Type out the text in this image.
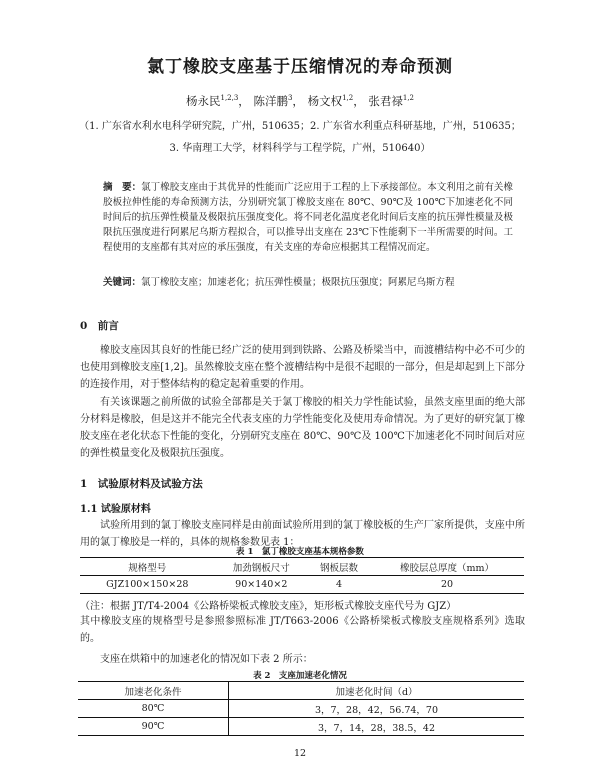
氯丁橡胶支座基于压缩情况的寿命预测
杨永民$^{1,2,3}$， 陈洋鹏$^3$， 杨文权$^{1,2}$， 张君禄$^{1,2}$
（1. 广东省水利水电科学研究院，广州，510635；2. 广东省水利重点科研基地，广州，510635；
3. 华南理工大学，材料科学与工程学院，广州，510640）
摘　要：氯丁橡胶支座由于其优异的性能而广泛应用于工程的上下承接部位。本文利用之前有关橡胶板拉伸性能的寿命预测方法，分别研究氯丁橡胶支座在 80℃、90℃及 100℃下加速老化不同时间后的抗压弹性模量及极限抗压强度变化。将不同老化温度老化时间后支座的抗压弹性模量及极限抗压强度进行阿累尼乌斯方程拟合，可以推导出支座在 23℃下性能剩下一半所需要的时间。工程使用的支座都有其对应的承压强度，有关支座的寿命应根据其工程情况而定。
关键词：氯丁橡胶支座；加速老化；抗压弹性模量；极限抗压强度；阿累尼乌斯方程
0　前言
橡胶支座因其良好的性能已经广泛的使用到到铁路、公路及桥梁当中，而渡槽结构中必不可少的也使用到橡胶支座[1,2]。虽然橡胶支座在整个渡槽结构中是很不起眼的一部分，但是却起到上下部分的连接作用，对于整体结构的稳定起着重要的作用。
有关该课题之前所做的试验全部都是关于氯丁橡胶的相关力学性能试验，虽然支座里面的绝大部分材料是橡胶，但是这并不能完全代表支座的力学性能变化及使用寿命情况。为了更好的研究氯丁橡胶支座在老化状态下性能的变化，分别研究支座在 80℃、90℃及 100℃下加速老化不同时间后对应的弹性模量变化及极限抗压强度。
1　试验原材料及试验方法
1.1 试验原材料
试验所用到的氯丁橡胶支座同样是由前面试验所用到的氯丁橡胶板的生产厂家所提供，支座中所用的氯丁橡胶是一样的，具体的规格参数见表 1：
表 1　氯丁橡胶支座基本规格参数
规格型号	加劲钢板尺寸	钢板层数	橡胶层总厚度（mm）
GJZ100×150×28	90×140×2	4	20
（注：根据 JT/T4-2004《公路桥梁板式橡胶支座》，矩形板式橡胶支座代号为 GJZ）
其中橡胶支座的规格型号是参照参照标准 JT/T663-2006《公路桥梁板式橡胶支座规格系列》选取的。
支座在烘箱中的加速老化的情况如下表 2 所示：
表 2　支座加速老化情况
加速老化条件	加速老化时间（d）
80℃	3，7，28，42，56.74，70
90℃	3，7，14，28，38.5，42
12
